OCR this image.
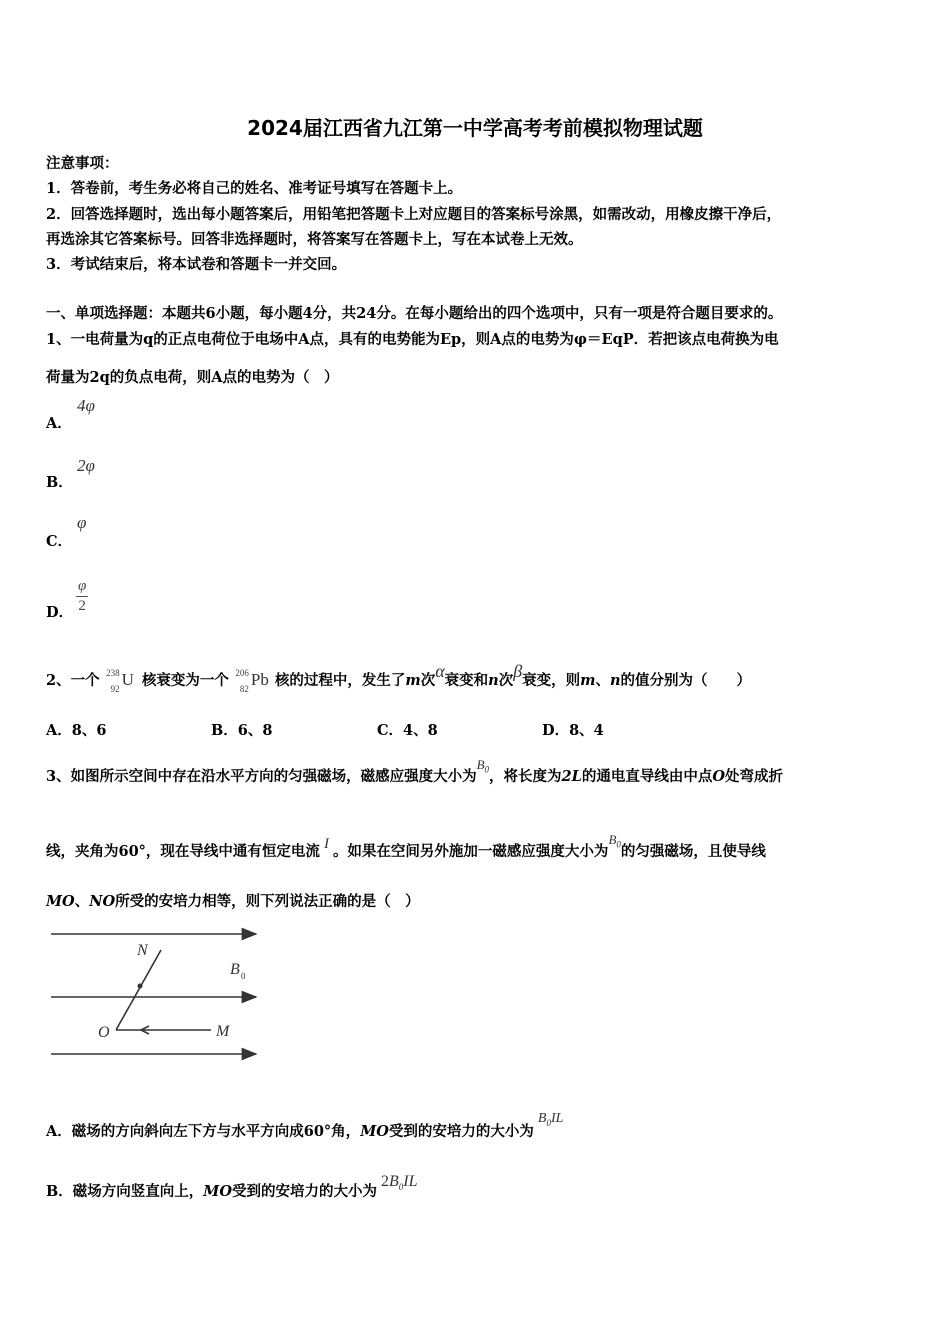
2024届江西省九江第一中学高考考前模拟物理试题
注意事项：
1．答卷前，考生务必将自己的姓名、准考证号填写在答题卡上。
2．回答选择题时，选出每小题答案后，用铅笔把答题卡上对应题目的答案标号涂黑，如需改动，用橡皮擦干净后，
再选涂其它答案标号。回答非选择题时，将答案写在答题卡上，写在本试卷上无效。
3．考试结束后，将本试卷和答题卡一并交回。
一、单项选择题：本题共6小题，每小题4分，共24分。在每小题给出的四个选项中，只有一项是符合题目要求的。
1、一电荷量为q的正点电荷位于电场中A点，具有的电势能为Ep，则A点的电势为φ＝EqP．若把该点电荷换为电
荷量为2q的负点电荷，则A点的电势为（　）
A．
4φ
B．
2φ
C．
φ
D． $\frac{\varphi}{2}$
2、一个 238
92 U 核衰变为一个 206
82 Pb 核的过程中，发生了m次α衰变和n次β衰变，则m、n的值分别为（　　）
A．8、6	B．6、8	C．4、8	D．8、4
3、如图所示空间中存在沿水平方向的匀强磁场，磁感应强度大小为$B_0$，将长度为2L的通电直导线由中点O处弯成折
线，夹角为60°，现在导线中通有恒定电流 I 。如果在空间另外施加一磁感应强度大小为$B_0$的匀强磁场，且使导线
MO、NO所受的安培力相等，则下列说法正确的是（　）
N
B 0
O	M
A．磁场的方向斜向左下方与水平方向成60°角，MO受到的安培力的大小为$B_0IL$
B．磁场方向竖直向上，MO受到的安培力的大小为$2B_0IL$
